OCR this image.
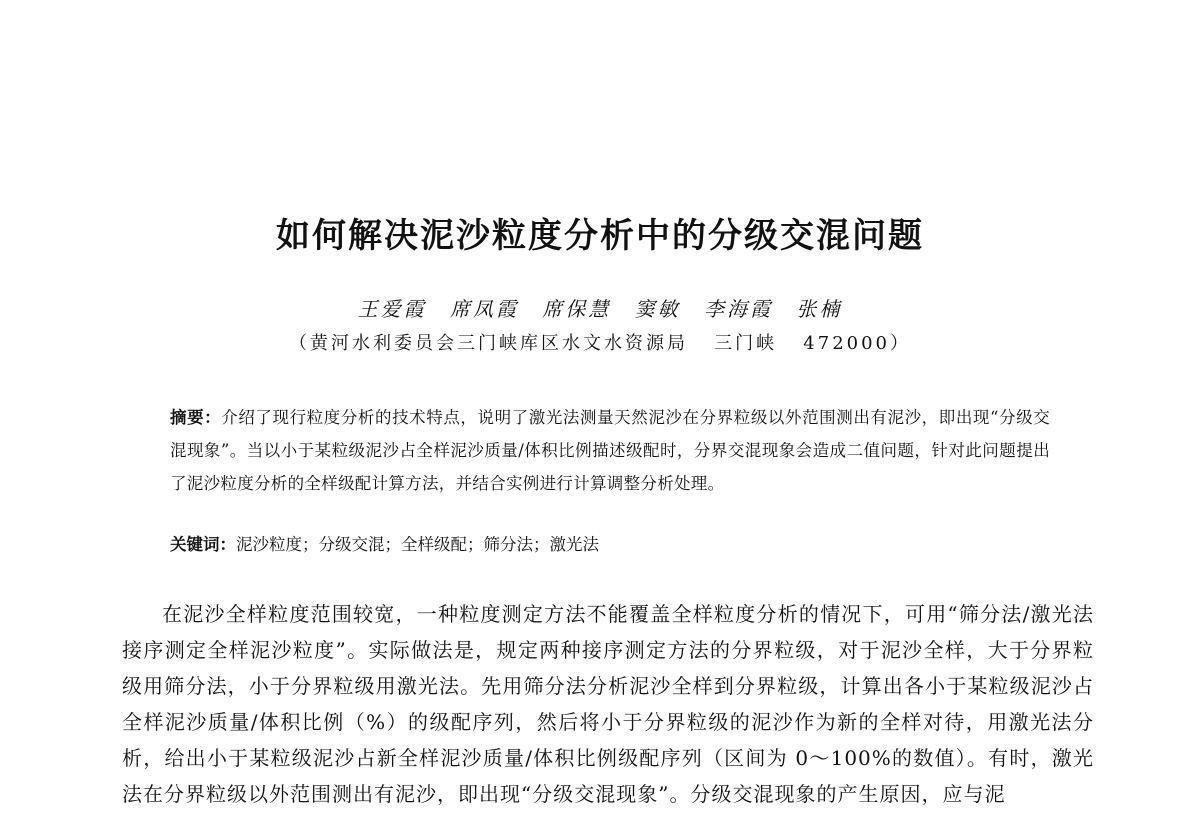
如何解决泥沙粒度分析中的分级交混问题
王爱霞 席凤霞 席保慧 窦敏 李海霞 张楠
（黄河水利委员会三门峡库区水文水资源局   三门峡   472000）
摘要：介绍了现行粒度分析的技术特点，说明了激光法测量天然泥沙在分界粒级以外范围测出有泥沙，即出现“分级交混现象”。当以小于某粒级泥沙占全样泥沙质量/体积比例描述级配时，分界交混现象会造成二值问题，针对此问题提出了泥沙粒度分析的全样级配计算方法，并结合实例进行计算调整分析处理。
关键词：泥沙粒度；分级交混；全样级配；筛分法；激光法
在泥沙全样粒度范围较宽，一种粒度测定方法不能覆盖全样粒度分析的情况下，可用“筛分法/激光法接序测定全样泥沙粒度”。实际做法是，规定两种接序测定方法的分界粒级，对于泥沙全样，大于分界粒级用筛分法，小于分界粒级用激光法。先用筛分法分析泥沙全样到分界粒级，计算出各小于某粒级泥沙占全样泥沙质量/体积比例（%）的级配序列，然后将小于分界粒级的泥沙作为新的全样对待，用激光法分析，给出小于某粒级泥沙占新全样泥沙质量/体积比例级配序列（区间为 0～100%的数值）。有时，激光法在分界粒级以外范围测出有泥沙，即出现“分级交混现象”。分级交混现象的产生原因，应与泥
